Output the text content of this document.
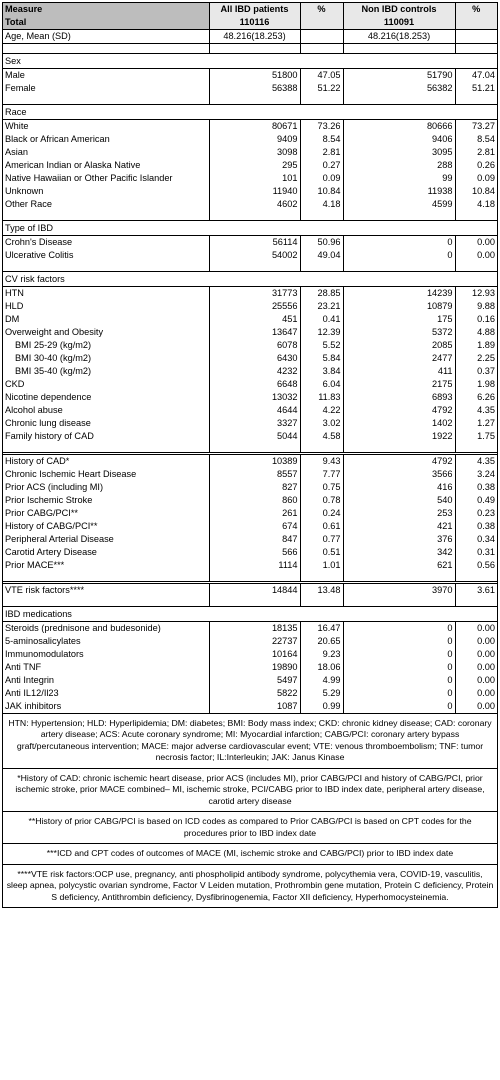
Measure	All IBD patients	%	Non IBD controls	%
Total	110116		110091	
Age, Mean (SD)	48.216(18.253)		48.216(18.253)	

Sex				
Male	51800	47.05	51790	47.04
Female	56388	51.22	56382	51.21

Race				
White	80671	73.26	80666	73.27
Black or African American	9409	8.54	9406	8.54
Asian	3098	2.81	3095	2.81
American Indian or Alaska Native	295	0.27	288	0.26
Native Hawaiian or Other Pacific Islander	101	0.09	99	0.09
Unknown	11940	10.84	11938	10.84
Other Race	4602	4.18	4599	4.18

Type of IBD				
Crohn's Disease	56114	50.96	0	0.00
Ulcerative Colitis	54002	49.04	0	0.00

CV risk factors				
HTN	31773	28.85	14239	12.93
HLD	25556	23.21	10879	9.88
DM	451	0.41	175	0.16
Overweight and Obesity	13647	12.39	5372	4.88
BMI 25-29 (kg/m2)	6078	5.52	2085	1.89
BMI 30-40 (kg/m2)	6430	5.84	2477	2.25
BMI 35-40 (kg/m2)	4232	3.84	411	0.37
CKD	6648	6.04	2175	1.98
Nicotine dependence	13032	11.83	6893	6.26
Alcohol abuse	4644	4.22	4792	4.35
Chronic lung disease	3327	3.02	1402	1.27
Family history of CAD	5044	4.58	1922	1.75

History of CAD*	10389	9.43	4792	4.35
Chronic Ischemic Heart Disease	8557	7.77	3566	3.24
Prior ACS (including MI)	827	0.75	416	0.38
Prior Ischemic Stroke	860	0.78	540	0.49
Prior CABG/PCI**	261	0.24	253	0.23
History of CABG/PCI**	674	0.61	421	0.38
Peripheral Arterial Disease	847	0.77	376	0.34
Carotid Artery Disease	566	0.51	342	0.31
Prior MACE***	1114	1.01	621	0.56

VTE risk factors****	14844	13.48	3970	3.61

IBD medications				
Steroids (prednisone and budesonide)	18135	16.47	0	0.00
5-aminosalicylates	22737	20.65	0	0.00
Immunomodulators	10164	9.23	0	0.00
Anti TNF	19890	18.06	0	0.00
Anti Integrin	5497	4.99	0	0.00
Anti IL12/Il23	5822	5.29	0	0.00
JAK inhibitors	1087	0.99	0	0.00
HTN: Hypertension; HLD: Hyperlipidemia; DM: diabetes; BMI: Body mass index; CKD: chronic kidney disease; CAD: coronary artery disease; ACS: Acute coronary syndrome; MI: Myocardial infarction; CABG/PCI: coronary artery bypass graft/percutaneous intervention; MACE: major adverse cardiovascular event; VTE: venous thromboembolism; TNF: tumor necrosis factor; IL:Interleukin; JAK: Janus Kinase
*History of CAD: chronic ischemic heart disease, prior ACS (includes MI), prior CABG/PCI and history of CABG/PCI, prior ischemic stroke, prior MACE combined– MI, ischemic stroke, PCI/CABG prior to IBD index date, peripheral artery disease, carotid artery disease
**History of prior CABG/PCI is based on ICD codes as compared to Prior CABG/PCI is based on CPT codes for the procedures prior to IBD index date
***ICD and CPT codes of outcomes of MACE (MI, ischemic stroke and CABG/PCI) prior to IBD index date
****VTE risk factors:OCP use, pregnancy, anti phospholipid antibody syndrome, polycythemia vera, COVID-19, vasculitis, sleep apnea, polycystic ovarian syndrome, Factor V Leiden mutation, Prothrombin gene mutation, Protein C deficiency, Protein S deficiency, Antithrombin deficiency, Dysfibrinogenemia, Factor XII deficiency, Hyperhomocysteinemia.
